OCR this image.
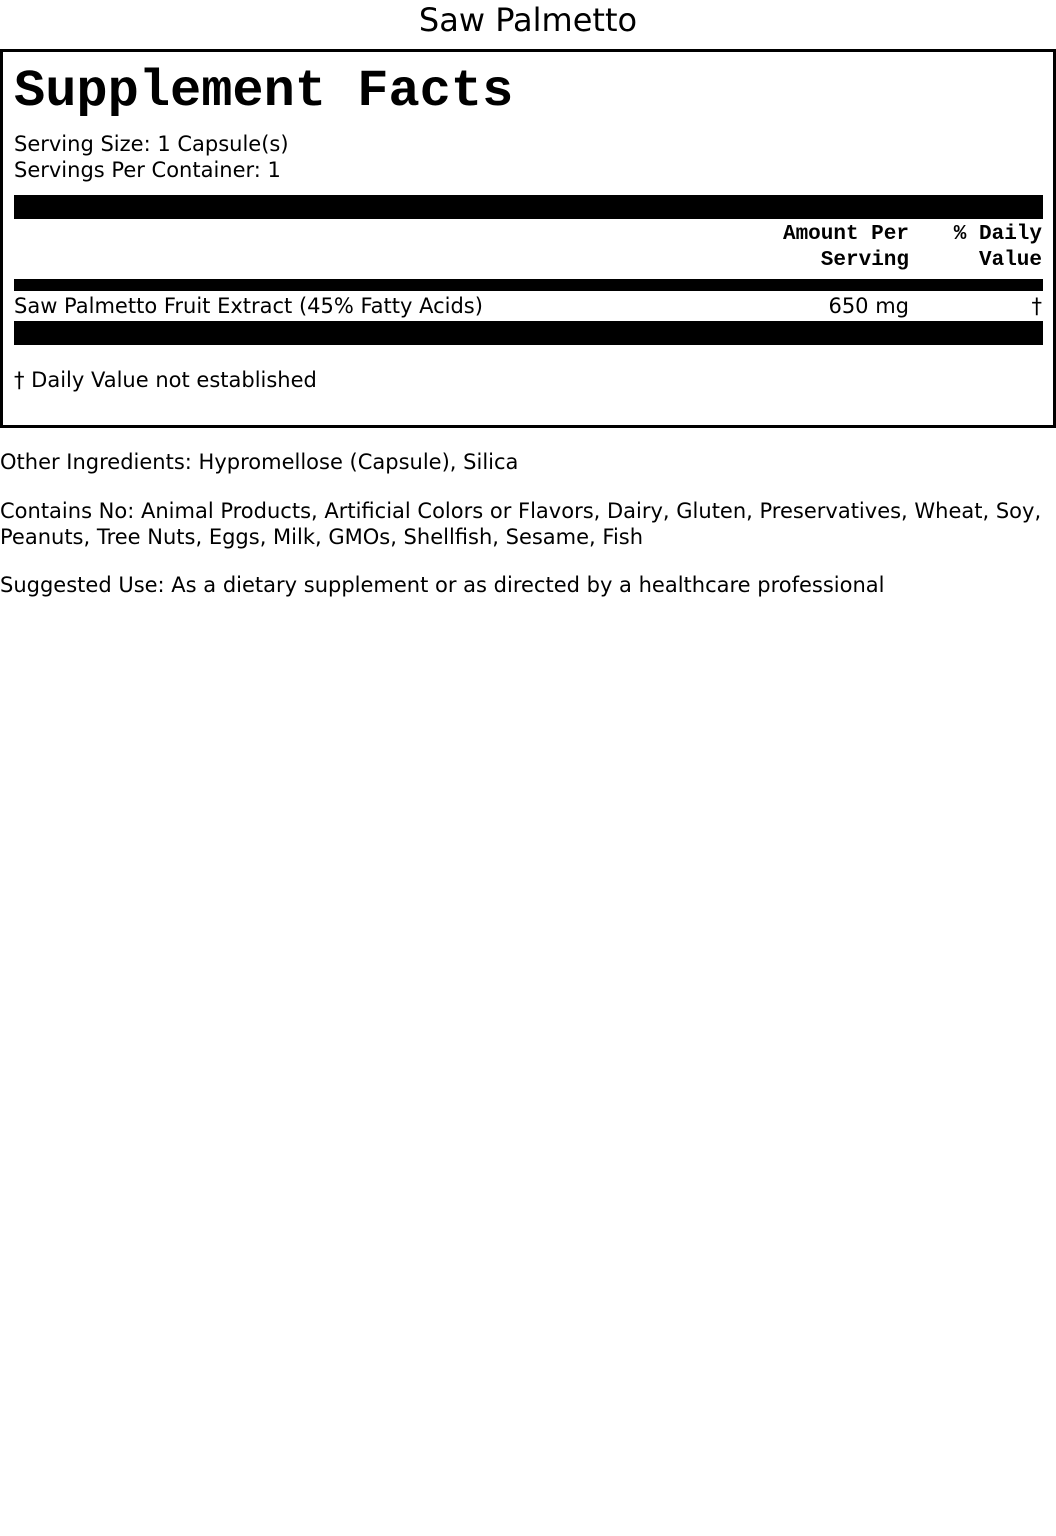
Saw Palmetto
Supplement Facts
Serving Size: 1 Capsule(s)
Servings Per Container: 1
Amount Per
Serving
% Daily
Value
Saw Palmetto Fruit Extract (45% Fatty Acids)	650 mg	†
† Daily Value not established
Other Ingredients: Hypromellose (Capsule), Silica
Contains No: Animal Products, Artificial Colors or Flavors, Dairy, Gluten, Preservatives, Wheat, Soy, Peanuts, Tree Nuts, Eggs, Milk, GMOs, Shellfish, Sesame, Fish
Suggested Use: As a dietary supplement or as directed by a healthcare professional
